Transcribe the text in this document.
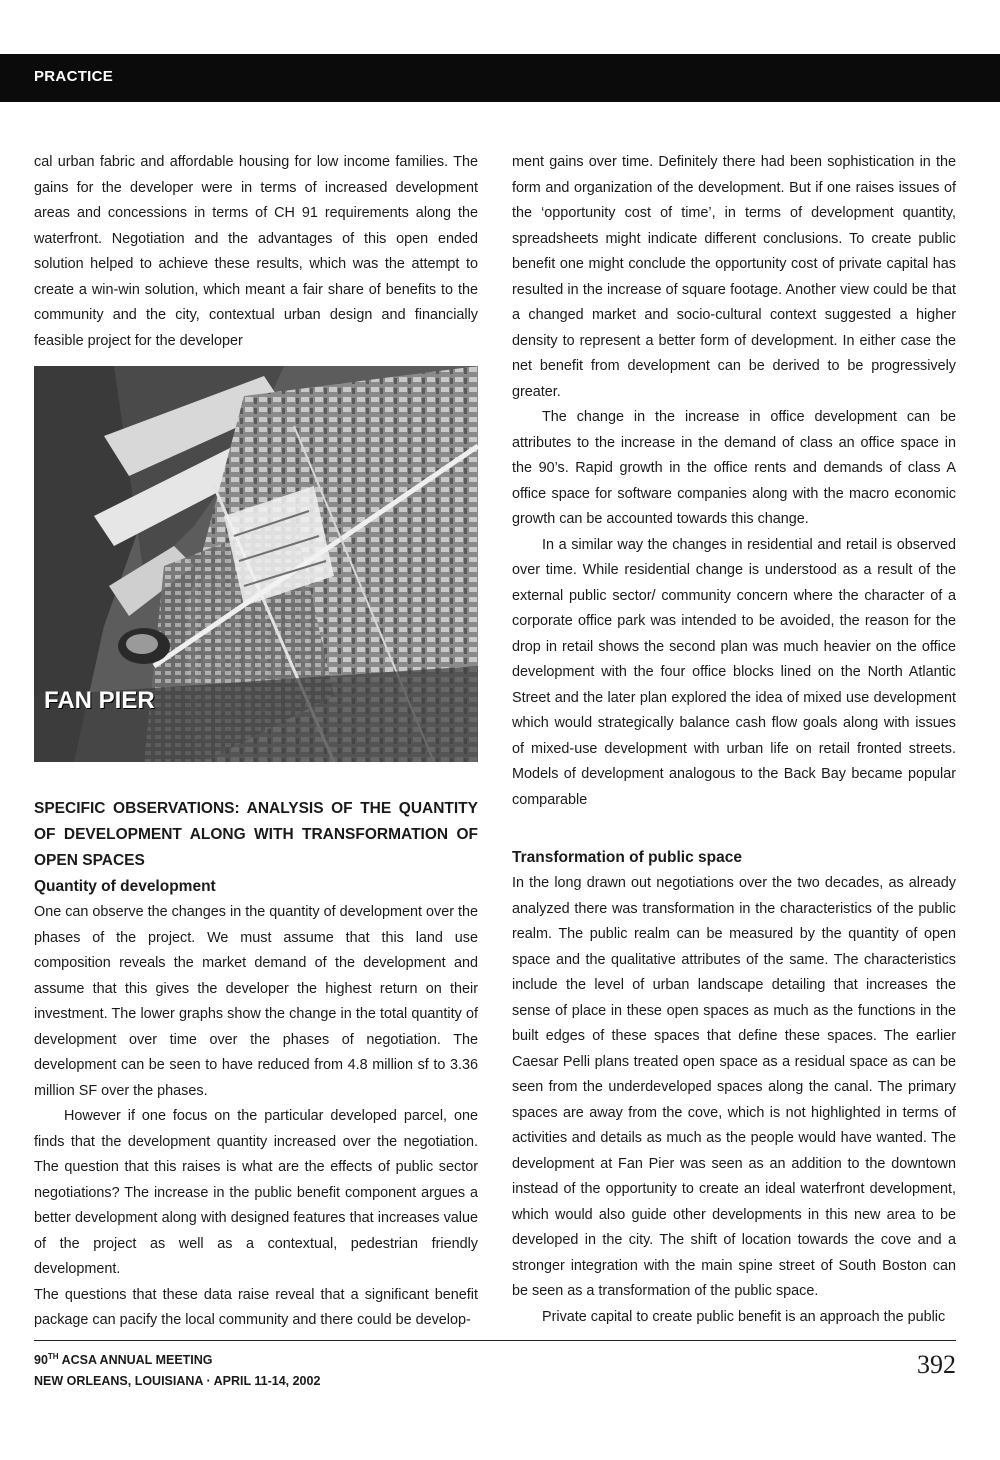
PRACTICE

cal urban fabric and affordable housing for low income families. The gains for the developer were in terms of increased development areas and concessions in terms of CH 91 requirements along the waterfront. Negotiation and the advantages of this open ended solution helped to achieve these results, which was the attempt to create a win-win solution, which meant a fair share of benefits to the community and the city, contextual urban design and financially feasible project for the developer

FAN PIER

SPECIFIC OBSERVATIONS: ANALYSIS OF THE QUANTITY OF DEVELOPMENT ALONG WITH TRANSFORMATION OF OPEN SPACES

Quantity of development

One can observe the changes in the quantity of development over the phases of the project. We must assume that this land use composition reveals the market demand of the development and assume that this gives the developer the highest return on their investment. The lower graphs show the change in the total quantity of development over time over the phases of negotiation. The development can be seen to have reduced from 4.8 million sf to 3.36 million SF over the phases.

However if one focus on the particular developed parcel, one finds that the development quantity increased over the negotiation. The question that this raises is what are the effects of public sector negotiations? The increase in the public benefit component argues a better development along with designed features that increases value of the project as well as a contextual, pedestrian friendly development.

The questions that these data raise reveal that a significant benefit package can pacify the local community and there could be develop-

ment gains over time. Definitely there had been sophistication in the form and organization of the development. But if one raises issues of the ‘opportunity cost of time’, in terms of development quantity, spreadsheets might indicate different conclusions. To create public benefit one might conclude the opportunity cost of private capital has resulted in the increase of square footage. Another view could be that a changed market and socio-cultural context suggested a higher density to represent a better form of development. In either case the net benefit from development can be derived to be progressively greater.

The change in the increase in office development can be attributes to the increase in the demand of class an office space in the 90’s. Rapid growth in the office rents and demands of class A office space for software companies along with the macro economic growth can be accounted towards this change.

In a similar way the changes in residential and retail is observed over time. While residential change is understood as a result of the external public sector/ community concern where the character of a corporate office park was intended to be avoided, the reason for the drop in retail shows the second plan was much heavier on the office development with the four office blocks lined on the North Atlantic Street and the later plan explored the idea of mixed use development which would strategically balance cash flow goals along with issues of mixed-use development with urban life on retail fronted streets. Models of development analogous to the Back Bay became popular comparable

Transformation of public space

In the long drawn out negotiations over the two decades, as already analyzed there was transformation in the characteristics of the public realm. The public realm can be measured by the quantity of open space and the qualitative attributes of the same. The characteristics include the level of urban landscape detailing that increases the sense of place in these open spaces as much as the functions in the built edges of these spaces that define these spaces. The earlier Caesar Pelli plans treated open space as a residual space as can be seen from the underdeveloped spaces along the canal. The primary spaces are away from the cove, which is not highlighted in terms of activities and details as much as the people would have wanted. The development at Fan Pier was seen as an addition to the downtown instead of the opportunity to create an ideal waterfront development, which would also guide other developments in this new area to be developed in the city. The shift of location towards the cove and a stronger integration with the main spine street of South Boston can be seen as a transformation of the public space.

Private capital to create public benefit is an approach the public

90TH ACSA ANNUAL MEETING
NEW ORLEANS, LOUISIANA · APRIL 11-14, 2002
392
